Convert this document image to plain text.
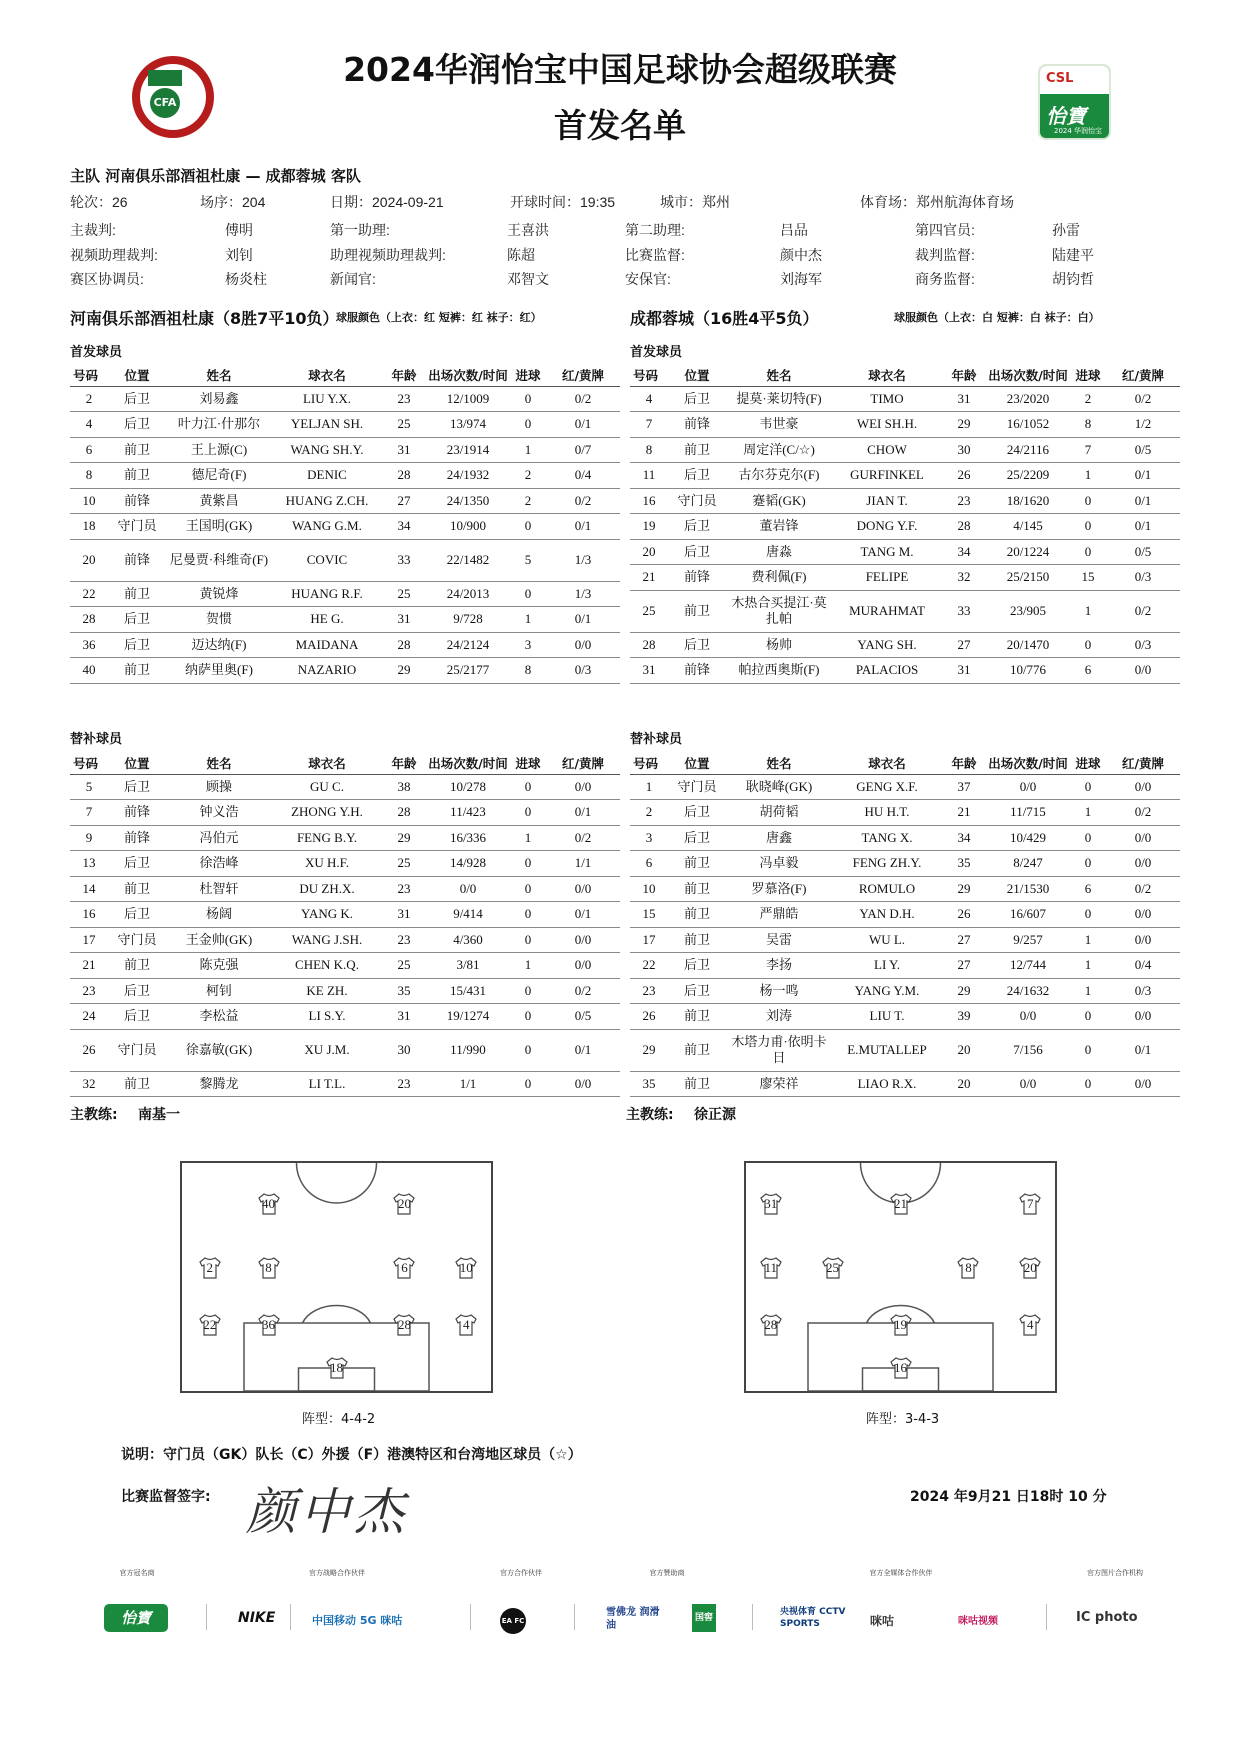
CFA
2024华润怡宝中国足球协会超级联赛
首发名单
CSL
怡寶
2024 华润怡宝
主队 河南俱乐部酒祖杜康 — 成都蓉城 客队
轮次：26	场序：204	日期：2024-09-21	开球时间：19:35	城市：郑州	体育场：郑州航海体育场
主裁判:	傅明	第一助理:	王喜洪	第二助理:	吕品	第四官员:	孙雷
视频助理裁判:	刘钊	助理视频助理裁判:	陈超	比赛监督:	颜中杰	裁判监督:	陆建平
赛区协调员:	杨炎柱	新闻官:	邓智文	安保官:	刘海军	商务监督:	胡钧哲
河南俱乐部酒祖杜康（8胜7平10负）
球服颜色（上衣：红 短裤：红 袜子：红）	成都蓉城（16胜4平5负）	球服颜色（上衣：白 短裤：白 袜子：白）
首发球员	首发球员
号码	位置	姓名	球衣名	年龄	出场次数/时间	进球	红/黄牌
2	后卫	刘易鑫	LIU Y.X.	23	12/1009	0	0/2
4	后卫	叶力江·什那尔	YELJAN SH.	25	13/974	0	0/1
6	前卫	王上源(C)	WANG SH.Y.	31	23/1914	1	0/7
8	前卫	德尼奇(F)	DENIC	28	24/1932	2	0/4
10	前锋	黄紫昌	HUANG Z.CH.	27	24/1350	2	0/2
18	守门员	王国明(GK)	WANG G.M.	34	10/900	0	0/1
20	前锋	尼曼贾·科维奇(F)	COVIC	33	22/1482	5	1/3
22	前卫	黄锐烽	HUANG R.F.	25	24/2013	0	1/3
28	后卫	贺惯	HE G.	31	9/728	1	0/1
36	后卫	迈达纳(F)	MAIDANA	28	24/2124	3	0/0
40	前卫	纳萨里奥(F)	NAZARIO	29	25/2177	8	0/3
号码	位置	姓名	球衣名	年龄	出场次数/时间	进球	红/黄牌
4	后卫	提莫·莱切特(F)	TIMO	31	23/2020	2	0/2
7	前锋	韦世豪	WEI SH.H.	29	16/1052	8	1/2
8	前卫	周定洋(C/☆)	CHOW	30	24/2116	7	0/5
11	后卫	古尔芬克尔(F)	GURFINKEL	26	25/2209	1	0/1
16	守门员	蹇韬(GK)	JIAN T.	23	18/1620	0	0/1
19	后卫	董岩锋	DONG Y.F.	28	4/145	0	0/1
20	后卫	唐淼	TANG M.	34	20/1224	0	0/5
21	前锋	费利佩(F)	FELIPE	32	25/2150	15	0/3
25	前卫	木热合买提江·莫扎帕	MURAHMAT	33	23/905	1	0/2
28	后卫	杨帅	YANG SH.	27	20/1470	0	0/3
31	前锋	帕拉西奥斯(F)	PALACIOS	31	10/776	6	0/0
替补球员	替补球员
号码	位置	姓名	球衣名	年龄	出场次数/时间	进球	红/黄牌
5	后卫	顾操	GU C.	38	10/278	0	0/0
7	前锋	钟义浩	ZHONG Y.H.	28	11/423	0	0/1
9	前锋	冯伯元	FENG B.Y.	29	16/336	1	0/2
13	后卫	徐浩峰	XU H.F.	25	14/928	0	1/1
14	前卫	杜智轩	DU ZH.X.	23	0/0	0	0/0
16	后卫	杨阔	YANG K.	31	9/414	0	0/1
17	守门员	王金帅(GK)	WANG J.SH.	23	4/360	0	0/0
21	前卫	陈克强	CHEN K.Q.	25	3/81	1	0/0
23	后卫	柯钊	KE ZH.	35	15/431	0	0/2
24	后卫	李松益	LI S.Y.	31	19/1274	0	0/5
26	守门员	徐嘉敏(GK)	XU J.M.	30	11/990	0	0/1
32	前卫	黎腾龙	LI T.L.	23	1/1	0	0/0
号码	位置	姓名	球衣名	年龄	出场次数/时间	进球	红/黄牌
1	守门员	耿晓峰(GK)	GENG X.F.	37	0/0	0	0/0
2	后卫	胡荷韬	HU H.T.	21	11/715	1	0/2
3	后卫	唐鑫	TANG X.	34	10/429	0	0/0
6	前卫	冯卓毅	FENG ZH.Y.	35	8/247	0	0/0
10	前卫	罗慕洛(F)	ROMULO	29	21/1530	6	0/2
15	前卫	严鼎皓	YAN D.H.	26	16/607	0	0/0
17	前卫	吴雷	WU L.	27	9/257	1	0/0
22	后卫	李扬	LI Y.	27	12/744	1	0/4
23	后卫	杨一鸣	YANG Y.M.	29	24/1632	1	0/3
26	前卫	刘涛	LIU T.	39	0/0	0	0/0
29	前卫	木塔力甫·依明卡日	E.MUTALLEP	20	7/156	0	0/1
35	前卫	廖荣祥	LIAO R.X.	20	0/0	0	0/0
主教练: 南基一	主教练: 徐正源
40	20
2	8	6	10
22	36	28	4
18
31	21	7
11	25	8	20
28	19	4
16
阵型：4-4-2	阵型：3-4-3
说明：守门员（GK）队长（C）外援（F）港澳特区和台湾地区球员（☆）
比赛监督签字: 颜中杰	2024 年9月21 日18时 10 分
官方冠名商	官方战略合作伙伴	官方合作伙伴	官方赞助商	官方全媒体合作伙伴	官方图片合作机构
怡寶	NIKE	中国移动 5G 咪咕	EA FC
雪佛龙 润滑油
国窖
央视体育 CCTV SPORTS	咪咕	咪咕视频	IC photo
